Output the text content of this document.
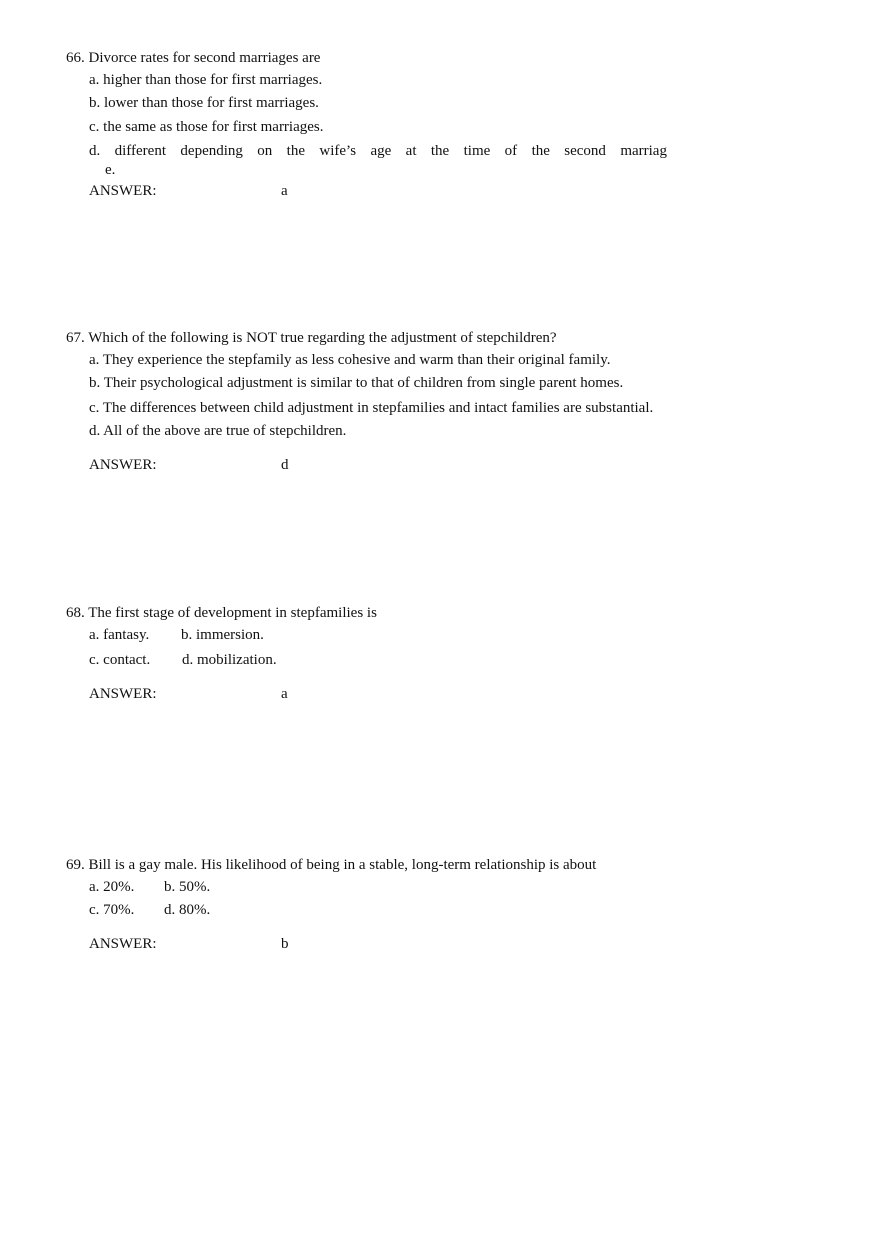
66. Divorce rates for second marriages are
a. higher than those for first marriages.
b. lower than those for first marriages.
c. the same as those for first marriages.
d. different depending on the wife’s age at the time of the second marriag
e.
ANSWER:	a
67. Which of the following is NOT true regarding the adjustment of stepchildren?
a. They experience the stepfamily as less cohesive and warm than their original family.
b. Their psychological adjustment is similar to that of children from single parent homes.
c. The differences between child adjustment in stepfamilies and intact families are substantial.
d. All of the above are true of stepchildren.
ANSWER:	d
68. The first stage of development in stepfamilies is
a. fantasy. b. immersion.
c. contact. d. mobilization.
ANSWER:	a
69. Bill is a gay male. His likelihood of being in a stable, long-term relationship is about
a. 20%. b. 50%.
c. 70%. d. 80%.
ANSWER:	b
